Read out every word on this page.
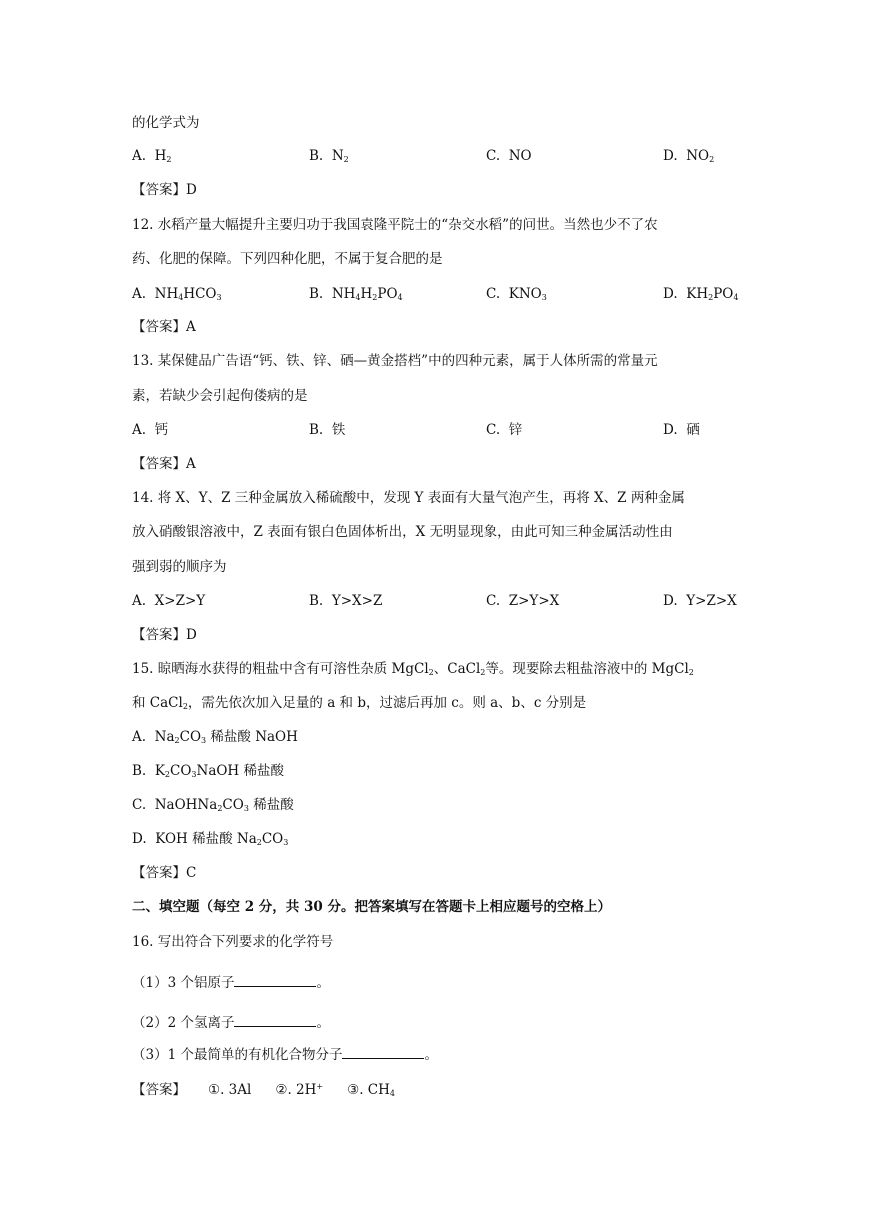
的化学式为
A. $H_2$	B. $N_2$	C. NO	D. $NO_2$
【答案】D
12. 水稻产量大幅提升主要归功于我国袁隆平院士的“杂交水稻”的问世。当然也少不了农
药、化肥的保障。下列四种化肥，不属于复合肥的是
A. $NH_4HCO_3$	B. $NH_4H_2PO_4$	C. $KNO_3$	D. $KH_2PO_4$
【答案】A
13. 某保健品广告语“钙、铁、锌、硒—黄金搭档”中的四种元素，属于人体所需的常量元
素，若缺少会引起佝偻病的是
A. 钙	B. 铁	C. 锌	D. 硒
【答案】A
14. 将 X、Y、Z 三种金属放入稀硫酸中，发现 Y 表面有大量气泡产生，再将 X、Z 两种金属
放入硝酸银溶液中，Z 表面有银白色固体析出，X 无明显现象，由此可知三种金属活动性由
强到弱的顺序为
A. X>Z>Y	B. Y>X>Z	C. Z>Y>X	D. Y>Z>X
【答案】D
15. 晾晒海水获得的粗盐中含有可溶性杂质 MgCl$_2$、CaCl$_2$等。现要除去粗盐溶液中的 MgCl$_2$
和 CaCl$_2$，需先依次加入足量的 a 和 b，过滤后再加 c。则 a、b、c 分别是
A. $Na_2CO_3$ 稀盐酸 NaOH
B. $K_2CO_3NaOH$ 稀盐酸
C. $NaOHNa_2CO_3$ 稀盐酸
D. KOH 稀盐酸 $Na_2CO_3$
【答案】C
二、填空题（每空 2 分，共 30 分。把答案填写在答题卡上相应题号的空格上）
16. 写出符合下列要求的化学符号
（1）3 个铝原子	。
（2）2 个氢离子	。
（3）1 个最简单的有机化合物分子	。
【答案】 ①. 3Al ②. 2H+ ③. $CH_4$
